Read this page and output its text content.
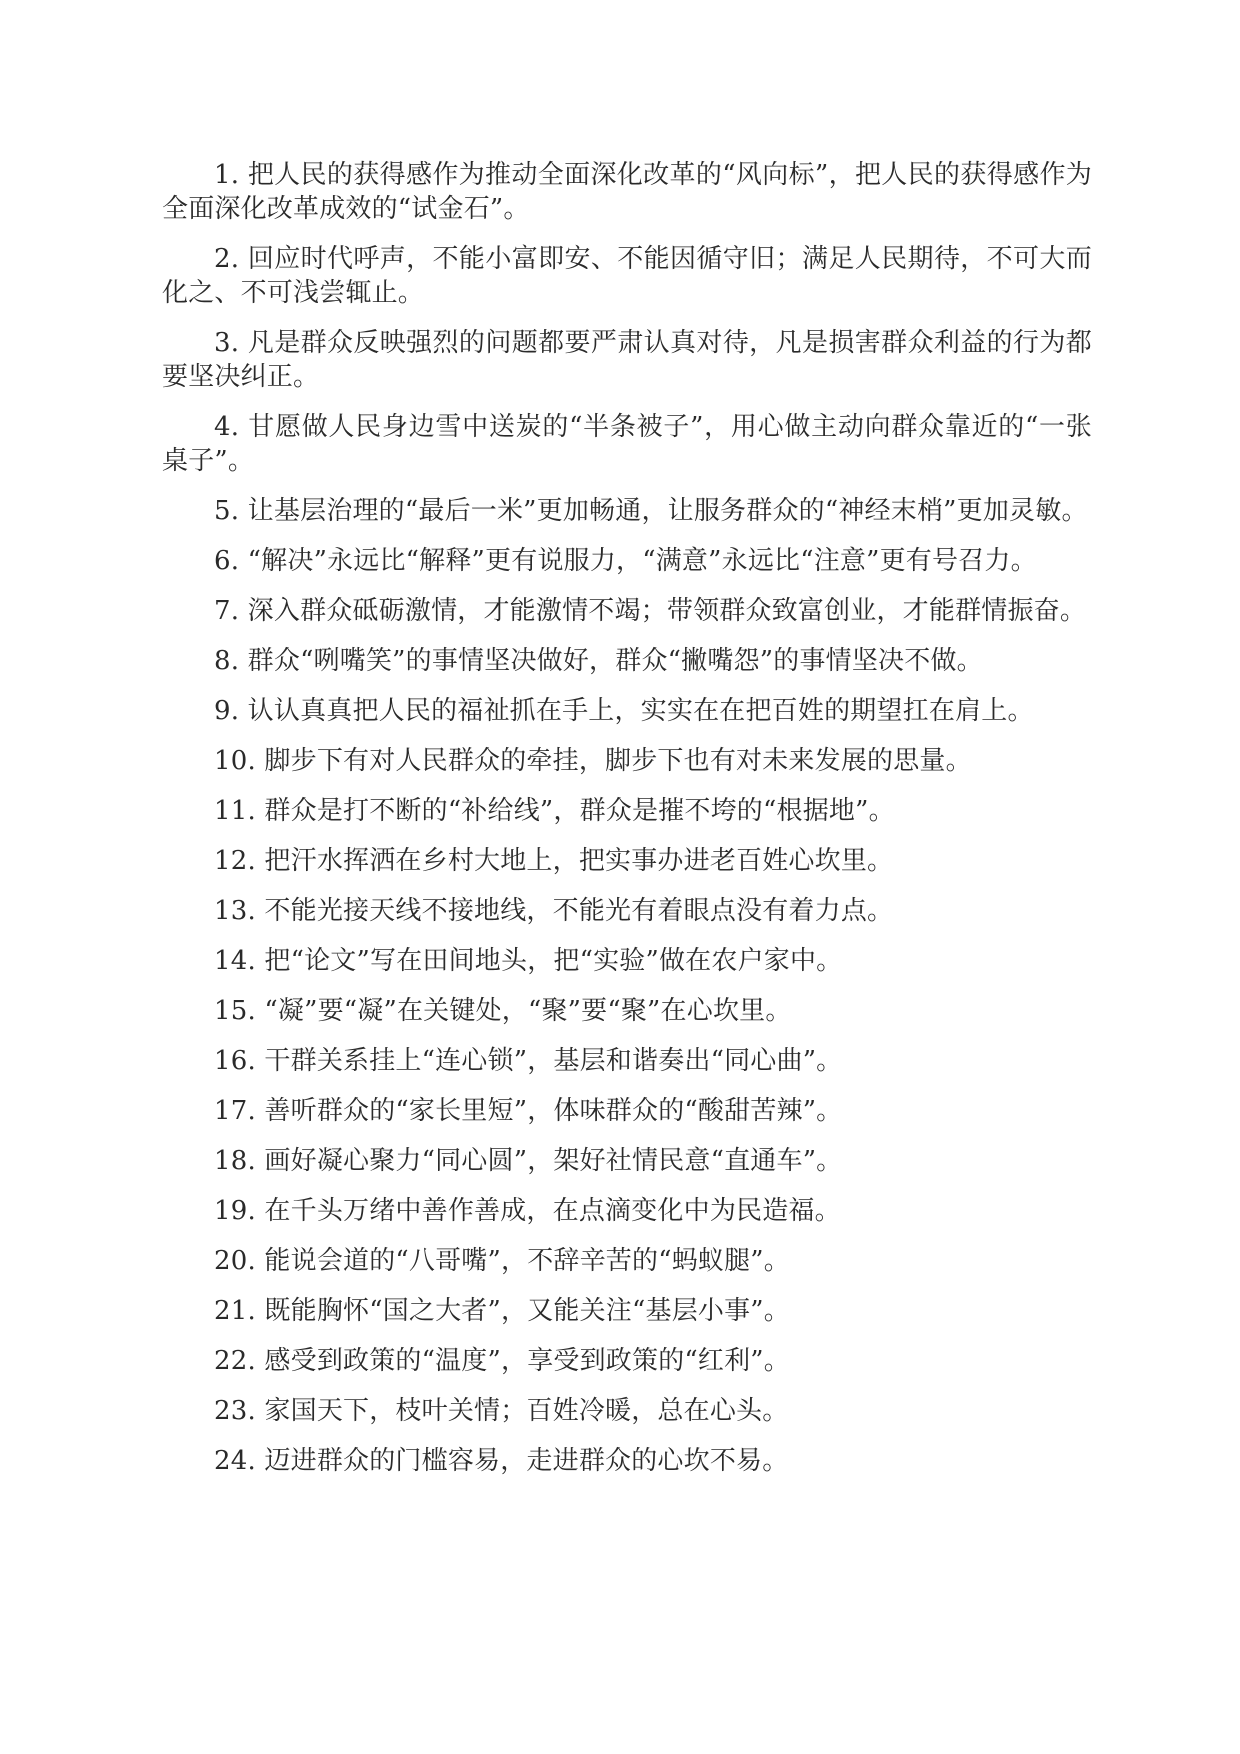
1. 把人民的获得感作为推动全面深化改革的“风向标”，把人民的获得感作为全面深化改革成效的“试金石”。

2. 回应时代呼声，不能小富即安、不能因循守旧；满足人民期待，不可大而化之、不可浅尝辄止。

3. 凡是群众反映强烈的问题都要严肃认真对待，凡是损害群众利益的行为都要坚决纠正。

4. 甘愿做人民身边雪中送炭的“半条被子”，用心做主动向群众靠近的“一张桌子”。

5. 让基层治理的“最后一米”更加畅通，让服务群众的“神经末梢”更加灵敏。

6. “解决”永远比“解释”更有说服力，“满意”永远比“注意”更有号召力。

7. 深入群众砥砺激情，才能激情不竭；带领群众致富创业，才能群情振奋。

8. 群众“咧嘴笑”的事情坚决做好，群众“撇嘴怨”的事情坚决不做。

9. 认认真真把人民的福祉抓在手上，实实在在把百姓的期望扛在肩上。

10. 脚步下有对人民群众的牵挂，脚步下也有对未来发展的思量。

11. 群众是打不断的“补给线”，群众是摧不垮的“根据地”。

12. 把汗水挥洒在乡村大地上，把实事办进老百姓心坎里。

13. 不能光接天线不接地线，不能光有着眼点没有着力点。

14. 把“论文”写在田间地头，把“实验”做在农户家中。

15. “凝”要“凝”在关键处，“聚”要“聚”在心坎里。

16. 干群关系挂上“连心锁”，基层和谐奏出“同心曲”。

17. 善听群众的“家长里短”，体味群众的“酸甜苦辣”。

18. 画好凝心聚力“同心圆”，架好社情民意“直通车”。

19. 在千头万绪中善作善成，在点滴变化中为民造福。

20. 能说会道的“八哥嘴”，不辞辛苦的“蚂蚁腿”。

21. 既能胸怀“国之大者”，又能关注“基层小事”。

22. 感受到政策的“温度”，享受到政策的“红利”。

23. 家国天下，枝叶关情；百姓冷暖，总在心头。

24. 迈进群众的门槛容易，走进群众的心坎不易。
